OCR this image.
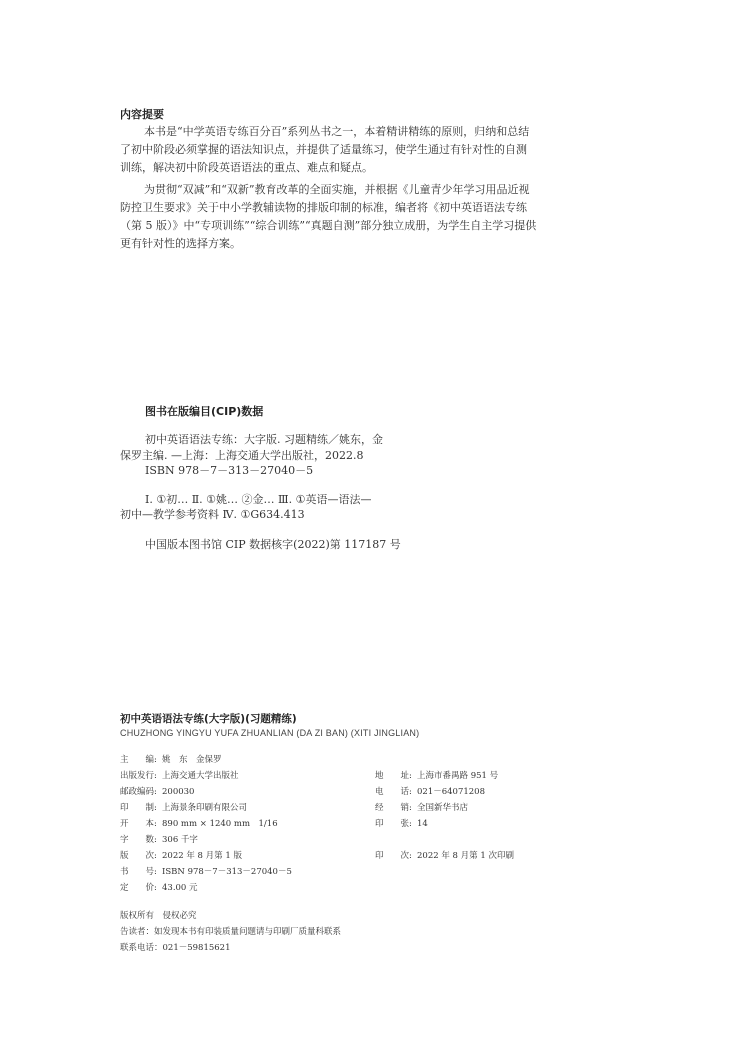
内容提要
本书是“中学英语专练百分百”系列丛书之一，本着精讲精练的原则，归纳和总结
了初中阶段必须掌握的语法知识点，并提供了适量练习，使学生通过有针对性的自测
训练，解决初中阶段英语语法的重点、难点和疑点。
为贯彻“双减”和“双新”教育改革的全面实施，并根据《儿童青少年学习用品近视
防控卫生要求》关于中小学教辅读物的排版印制的标准，编者将《初中英语语法专练
（第 5 版）》中“专项训练”“综合训练”“真题自测”部分独立成册，为学生自主学习提供
更有针对性的选择方案。
图书在版编目(CIP)数据
初中英语语法专练：大字版. 习题精练／姚东，金
保罗主编. —上海：上海交通大学出版社，2022.8
ISBN 978－7－313－27040－5
Ⅰ. ①初… Ⅱ. ①姚… ②金… Ⅲ. ①英语—语法—
初中—教学参考资料 Ⅳ. ①G634.413
中国版本图书馆 CIP 数据核字(2022)第 117187 号
初中英语语法专练(大字版)(习题精练)
CHUZHONG YINGYU YUFA ZHUANLIAN (DA ZI BAN) (XITI JINGLIAN)
主　　编: 姚　东　金保罗
出版发行: 上海交通大学出版社
邮政编码: 200030
印　　制: 上海景条印刷有限公司
开　　本: 890 mm × 1240 mm　1/16
字　　数: 306 千字
版　　次: 2022 年 8 月第 1 版
书　　号: ISBN 978－7－313－27040－5
定　　价: 43.00 元
地　　址: 上海市番禺路 951 号
电　　话: 021－64071208
经　　销: 全国新华书店
印　　张: 14
印　　次: 2022 年 8 月第 1 次印刷
版权所有　侵权必究
告读者：如发现本书有印装质量问题请与印刷厂质量科联系
联系电话：021－59815621
